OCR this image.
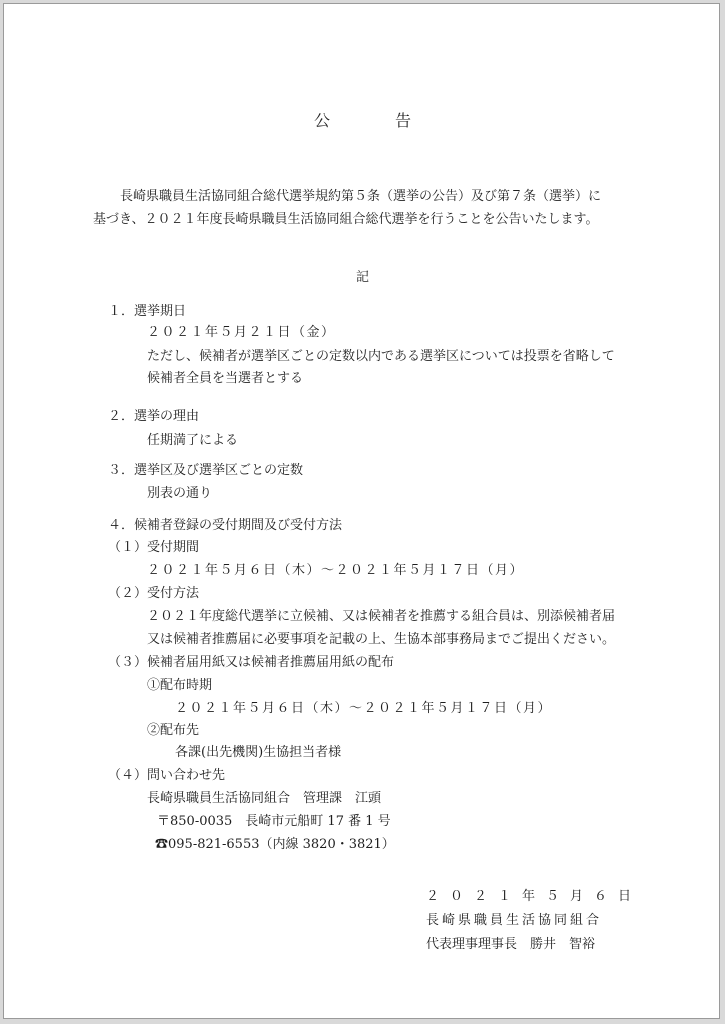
公 告
長崎県職員生活協同組合総代選挙規約第５条（選挙の公告）及び第７条（選挙）に
基づき、２０２１年度長崎県職員生活協同組合総代選挙を行うことを公告いたします。
記
１．選挙期日
２０２１年５月２１日（金）
ただし、候補者が選挙区ごとの定数以内である選挙区については投票を省略して
候補者全員を当選者とする
２．選挙の理由
任期満了による
３．選挙区及び選挙区ごとの定数
別表の通り
４．候補者登録の受付期間及び受付方法
（１）受付期間
２０２１年５月６日（木）～２０２１年５月１７日（月）
（２）受付方法
２０２１年度総代選挙に立候補、又は候補者を推薦する組合員は、別添候補者届
又は候補者推薦届に必要事項を記載の上、生協本部事務局までご提出ください。
（３）候補者届用紙又は候補者推薦届用紙の配布
①配布時期
２０２１年５月６日（木）～２０２１年５月１７日（月）
②配布先
各課(出先機関)生協担当者様
（４）問い合わせ先
長崎県職員生活協同組合　管理課　江頭
〒850‑0035　長崎市元船町 17 番 1 号
☎095‑821‑6553（内線 3820・3821）
２０２１年５月６日
長崎県職員生活協同組合
代表理事理事長　勝井　智裕
